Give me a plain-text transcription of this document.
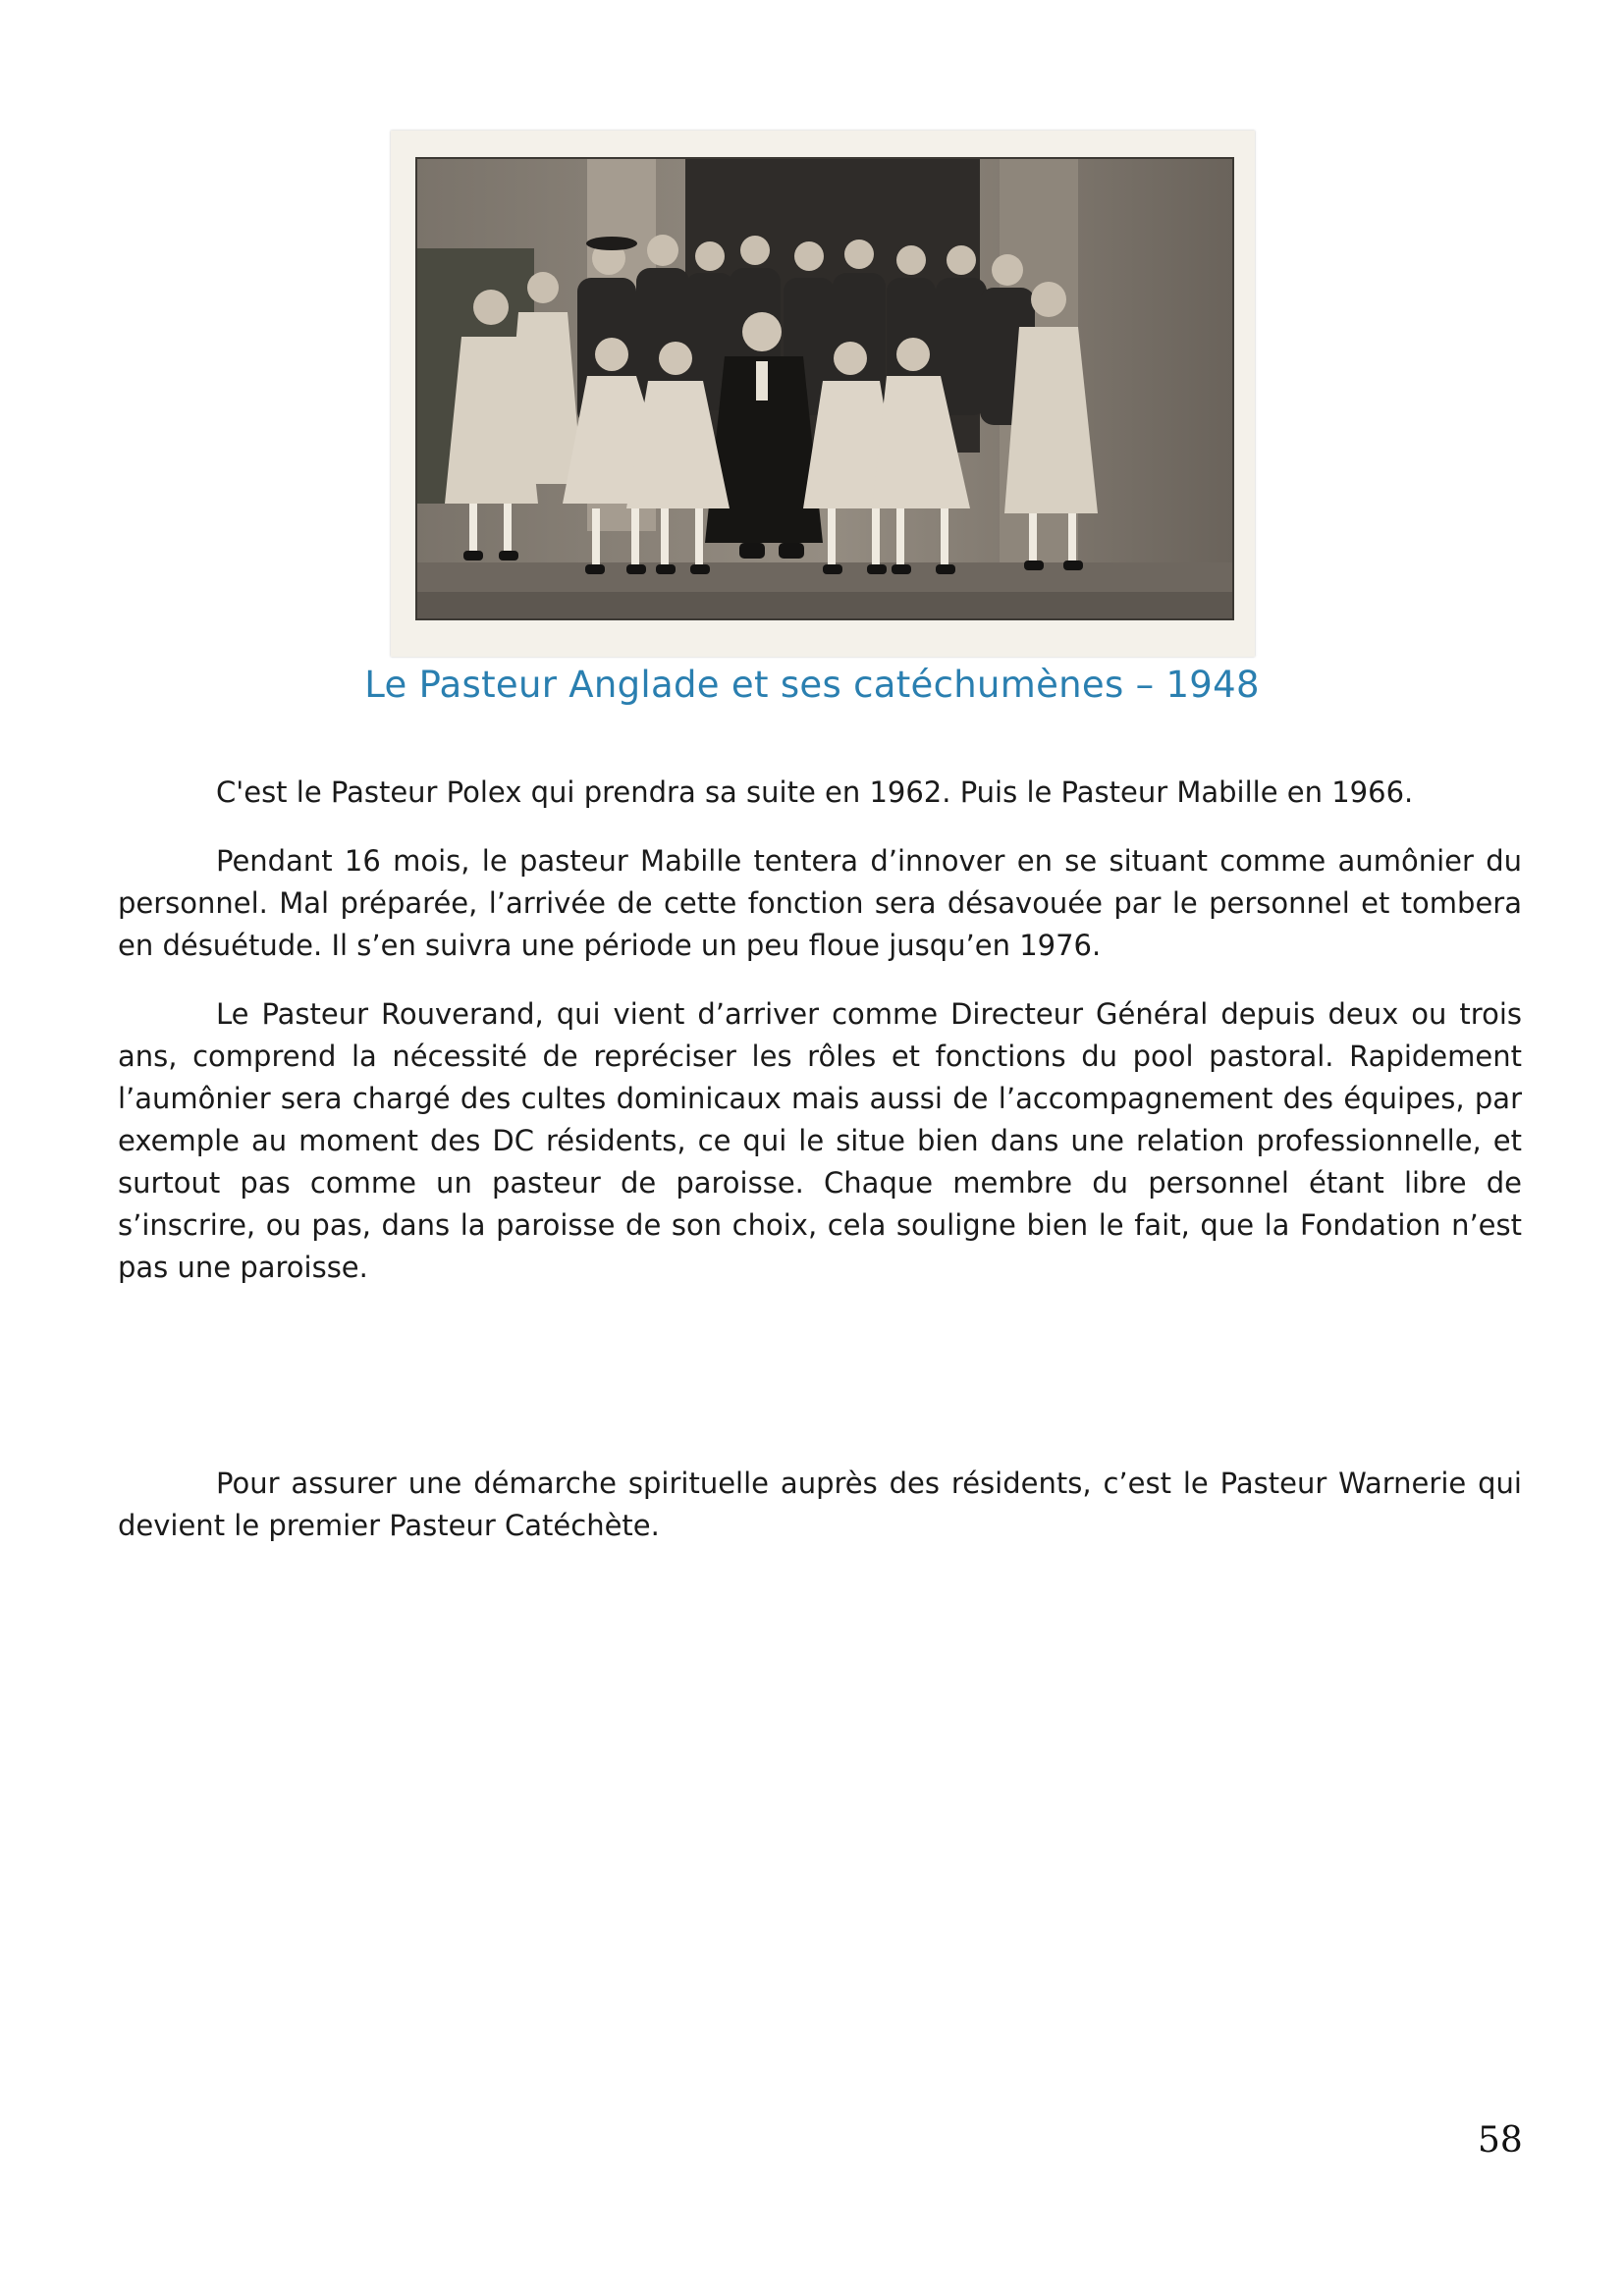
Le Pasteur Anglade et ses catéchumènes – 1948

C'est le Pasteur Polex qui prendra sa suite en 1962. Puis le Pasteur Mabille en 1966.

Pendant 16 mois, le pasteur Mabille tentera d’innover en se situant comme aumônier du personnel. Mal préparée, l’arrivée de cette fonction sera désavouée par le personnel et tombera en désuétude. Il s’en suivra une période un peu floue jusqu’en 1976.

Le Pasteur Rouverand, qui vient d’arriver comme Directeur Général depuis deux ou trois ans, comprend la nécessité de repréciser les rôles et fonctions du pool pastoral. Rapidement l’aumônier sera chargé des cultes dominicaux mais aussi de l’accompagnement des équipes, par exemple au moment des DC résidents, ce qui le situe bien dans une relation professionnelle, et surtout pas comme un pasteur de paroisse. Chaque membre du personnel étant libre de s’inscrire, ou pas, dans la paroisse de son choix, cela souligne bien le fait, que la Fondation n’est pas une paroisse.

Pour assurer une démarche spirituelle auprès des résidents, c’est le Pasteur Warnerie qui devient le premier Pasteur Catéchète.

58
